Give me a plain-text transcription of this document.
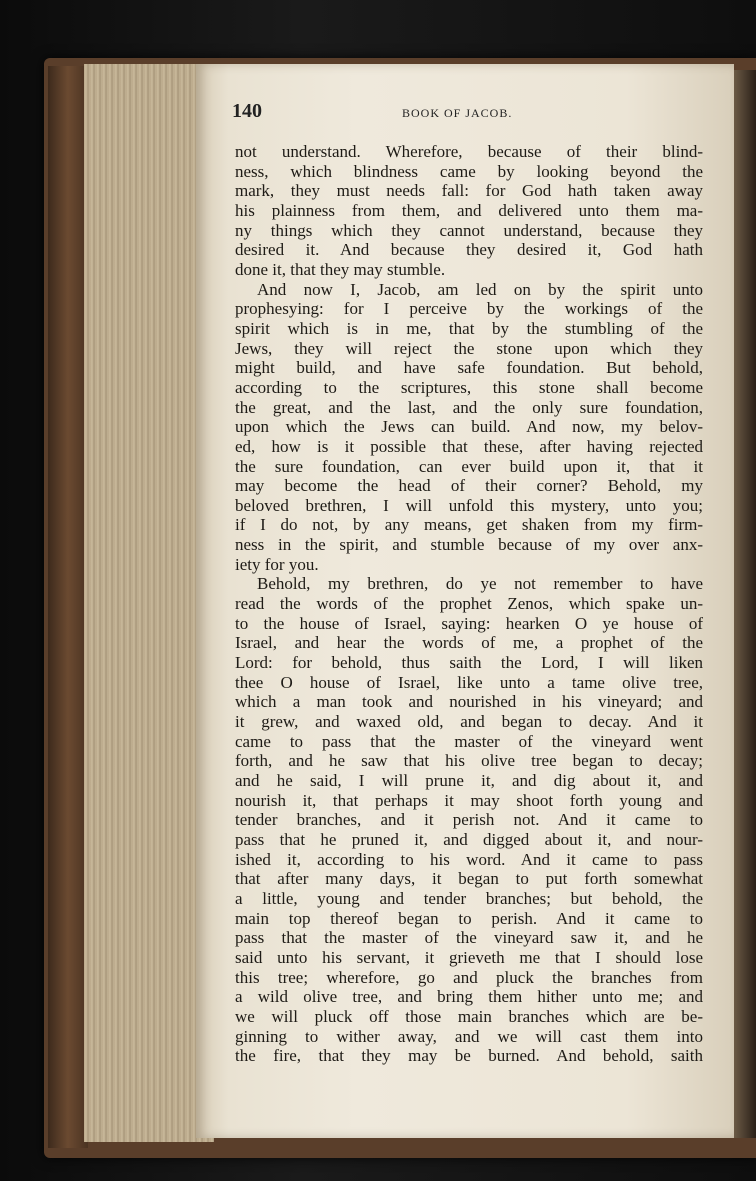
140	BOOK OF JACOB.
not understand. Wherefore, because of their blind-
ness, which blindness came by looking beyond the
mark, they must needs fall: for God hath taken away
his plainness from them, and delivered unto them ma-
ny things which they cannot understand, because they
desired it. And because they desired it, God hath
done it, that they may stumble.
And now I, Jacob, am led on by the spirit unto
prophesying: for I perceive by the workings of the
spirit which is in me, that by the stumbling of the
Jews, they will reject the stone upon which they
might build, and have safe foundation. But behold,
according to the scriptures, this stone shall become
the great, and the last, and the only sure foundation,
upon which the Jews can build. And now, my belov-
ed, how is it possible that these, after having rejected
the sure foundation, can ever build upon it, that it
may become the head of their corner? Behold, my
beloved brethren, I will unfold this mystery, unto you;
if I do not, by any means, get shaken from my firm-
ness in the spirit, and stumble because of my over anx-
iety for you.
Behold, my brethren, do ye not remember to have
read the words of the prophet Zenos, which spake un-
to the house of Israel, saying: hearken O ye house of
Israel, and hear the words of me, a prophet of the
Lord: for behold, thus saith the Lord, I will liken
thee O house of Israel, like unto a tame olive tree,
which a man took and nourished in his vineyard; and
it grew, and waxed old, and began to decay. And it
came to pass that the master of the vineyard went
forth, and he saw that his olive tree began to decay;
and he said, I will prune it, and dig about it, and
nourish it, that perhaps it may shoot forth young and
tender branches, and it perish not. And it came to
pass that he pruned it, and digged about it, and nour-
ished it, according to his word. And it came to pass
that after many days, it began to put forth somewhat
a little, young and tender branches; but behold, the
main top thereof began to perish. And it came to
pass that the master of the vineyard saw it, and he
said unto his servant, it grieveth me that I should lose
this tree; wherefore, go and pluck the branches from
a wild olive tree, and bring them hither unto me; and
we will pluck off those main branches which are be-
ginning to wither away, and we will cast them into
the fire, that they may be burned. And behold, saith
